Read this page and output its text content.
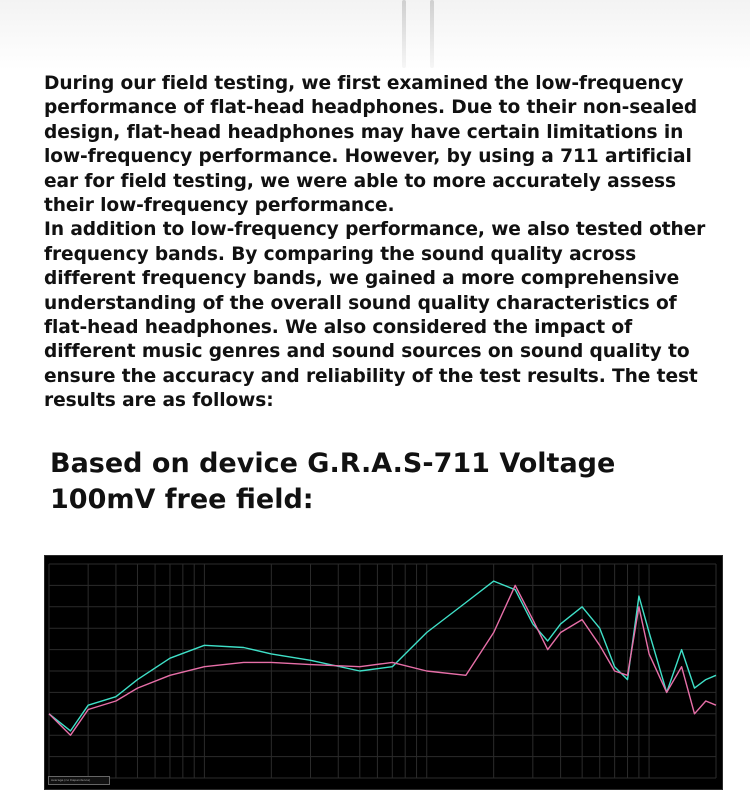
During our field testing, we first examined the low-frequency performance of flat-head headphones. Due to their non-sealed design, flat-head headphones may have certain limitations in low-frequency performance. However, by using a 711 artificial ear for field testing, we were able to more accurately assess their low-frequency performance.

In addition to low-frequency performance, we also tested other frequency bands. By comparing the sound quality across different frequency bands, we gained a more comprehensive understanding of the overall sound quality characteristics of flat-head headphones. We also considered the impact of different music genres and sound sources on sound quality to ensure the accuracy and reliability of the test results. The test results are as follows:

Based on device G.R.A.S-711 Voltage 100mV free field:
Average (no Dependence)
